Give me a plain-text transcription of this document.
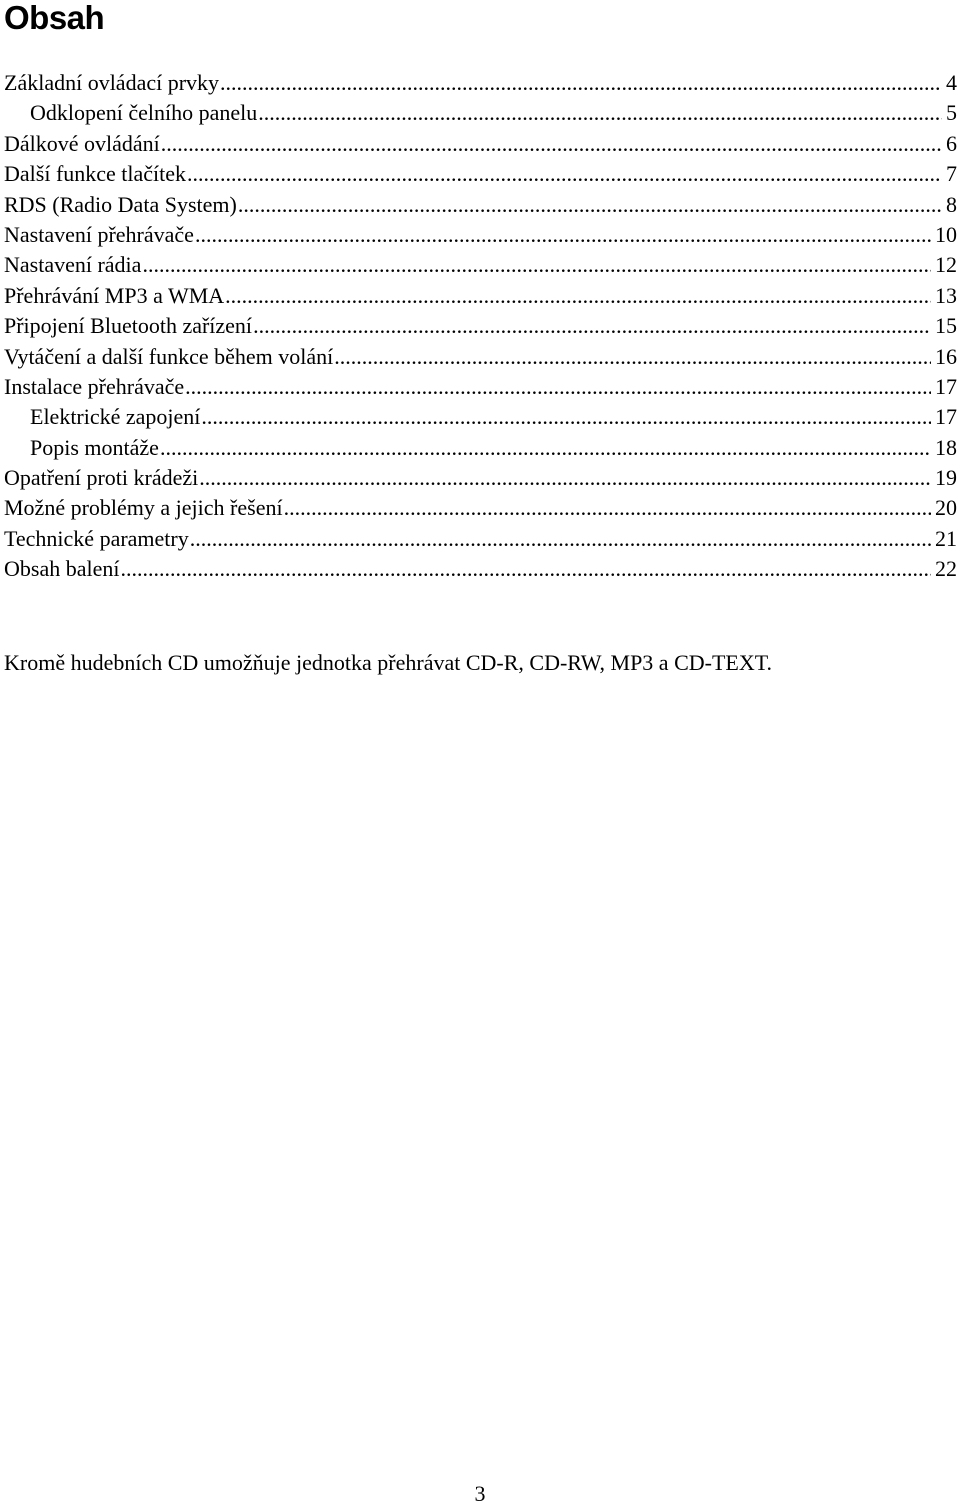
Obsah
Základní ovládací prvky .....	4
Odklopení čelního panelu .....	5
Dálkové ovládání .....	6
Další funkce tlačítek .....	7
RDS (Radio Data System) .....	8
Nastavení přehrávače .....	10
Nastavení rádia .....	12
Přehrávání MP3 a WMA .....	13
Připojení Bluetooth zařízení .....	15
Vytáčení a další funkce během volání .....	16
Instalace přehrávače .....	17
Elektrické zapojení .....	17
Popis montáže .....	18
Opatření proti krádeži .....	19
Možné problémy a jejich řešení .....	20
Technické parametry .....	21
Obsah balení .....	22

Kromě hudebních CD umožňuje jednotka přehrávat CD-R, CD-RW, MP3 a CD-TEXT.

3
